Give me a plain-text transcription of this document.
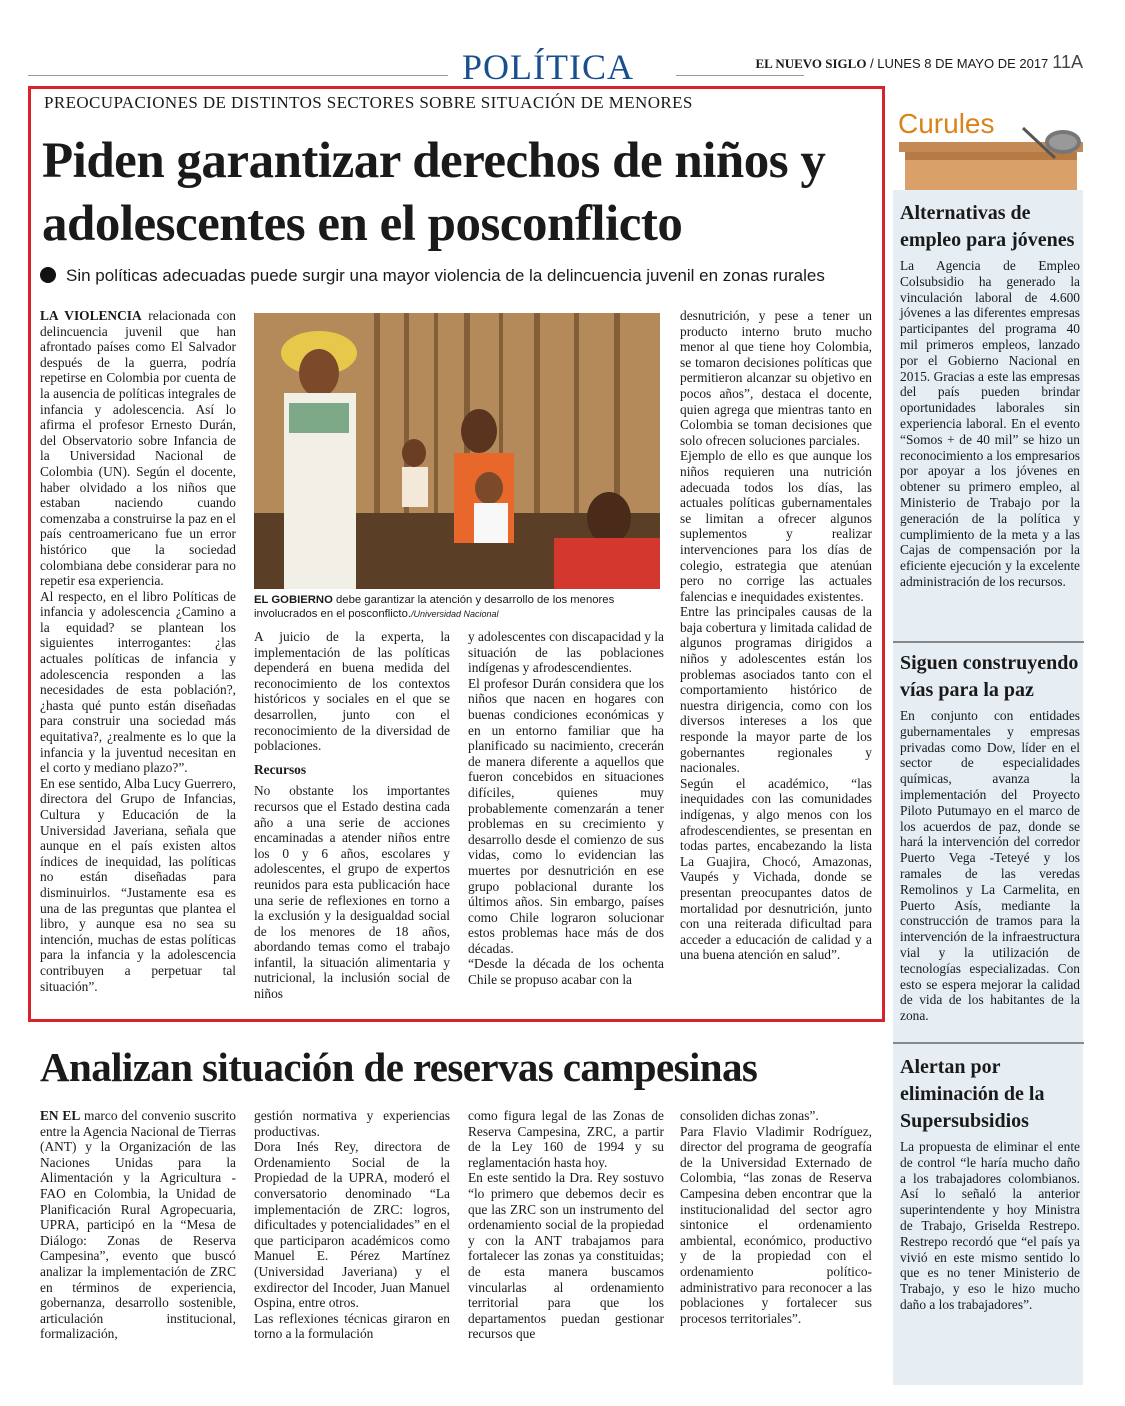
POLÍTICA	EL NUEVO SIGLO / LUNES 8 DE MAYO DE 2017 11A
PREOCUPACIONES DE DISTINTOS SECTORES SOBRE SITUACIÓN DE MENORES
Piden garantizar derechos de niños y adolescentes en el posconflicto
Sin políticas adecuadas puede surgir una mayor violencia de la delincuencia juvenil en zonas rurales
LA VIOLENCIA relacionada con delincuencia juvenil que han afrontado países como El Salvador después de la guerra, podría repetirse en Colombia por cuenta de la ausencia de políticas integrales de infancia y adolescencia. Así lo afirma el profesor Ernesto Durán, del Observatorio sobre Infancia de la Universidad Nacional de Colombia (UN). Según el docente, haber olvidado a los niños que estaban naciendo cuando comenzaba a construirse la paz en el país centroamericano fue un error histórico que la sociedad colombiana debe considerar para no repetir esa experiencia.
Al respecto, en el libro Políticas de infancia y adolescencia ¿Camino a la equidad? se plantean los siguientes interrogantes: ¿las actuales políticas de infancia y adolescencia responden a las necesidades de esta población?, ¿hasta qué punto están diseñadas para construir una sociedad más equitativa?, ¿realmente es lo que la infancia y la juventud necesitan en el corto y mediano plazo?”.
En ese sentido, Alba Lucy Guerrero, directora del Grupo de Infancias, Cultura y Educación de la Universidad Javeriana, señala que aunque en el país existen altos índices de inequidad, las políticas no están diseñadas para disminuirlos. “Justamente esa es una de las preguntas que plantea el libro, y aunque esa no sea su intención, muchas de estas políticas para la infancia y la adolescencia contribuyen a perpetuar tal situación”.
EL GOBIERNO debe garantizar la atención y desarrollo de los menores involucrados en el posconflicto./Universidad Nacional
A juicio de la experta, la implementación de las políticas dependerá en buena medida del reconocimiento de los contextos históricos y sociales en el que se desarrollen, junto con el reconocimiento de la diversidad de poblaciones.
Recursos
No obstante los importantes recursos que el Estado destina cada año a una serie de acciones encaminadas a atender niños entre los 0 y 6 años, escolares y adolescentes, el grupo de expertos reunidos para esta publicación hace una serie de reflexiones en torno a la exclusión y la desigualdad social de los menores de 18 años, abordando temas como el trabajo infantil, la situación alimentaria y nutricional, la inclusión social de niños
y adolescentes con discapacidad y la situación de las poblaciones indígenas y afrodescendientes.
El profesor Durán considera que los niños que nacen en hogares con buenas condiciones económicas y en un entorno familiar que ha planificado su nacimiento, crecerán de manera diferente a aquellos que fueron concebidos en situaciones difíciles, quienes muy probablemente comenzarán a tener problemas en su crecimiento y desarrollo desde el comienzo de sus vidas, como lo evidencian las muertes por desnutrición en ese grupo poblacional durante los últimos años. Sin embargo, países como Chile lograron solucionar estos problemas hace más de dos décadas.
“Desde la década de los ochenta Chile se propuso acabar con la
desnutrición, y pese a tener un producto interno bruto mucho menor al que tiene hoy Colombia, se tomaron decisiones políticas que permitieron alcanzar su objetivo en pocos años”, destaca el docente, quien agrega que mientras tanto en Colombia se toman decisiones que solo ofrecen soluciones parciales.
Ejemplo de ello es que aunque los niños requieren una nutrición adecuada todos los días, las actuales políticas gubernamentales se limitan a ofrecer algunos suplementos y realizar intervenciones para los días de colegio, estrategia que atenúan pero no corrige las actuales falencias e inequidades existentes.
Entre las principales causas de la baja cobertura y limitada calidad de algunos programas dirigidos a niños y adolescentes están los problemas asociados tanto con el comportamiento histórico de nuestra dirigencia, como con los diversos intereses a los que responde la mayor parte de los gobernantes regionales y nacionales.
Según el académico, “las inequidades con las comunidades indígenas, y algo menos con los afrodescendientes, se presentan en todas partes, encabezando la lista La Guajira, Chocó, Amazonas, Vaupés y Vichada, donde se presentan preocupantes datos de mortalidad por desnutrición, junto con una reiterada dificultad para acceder a educación de calidad y a una buena atención en salud”.
Analizan situación de reservas campesinas
EN EL marco del convenio suscrito entre la Agencia Nacional de Tierras (ANT) y la Organización de las Naciones Unidas para la Alimentación y la Agricultura - FAO en Colombia, la Unidad de Planificación Rural Agropecuaria, UPRA, participó en la “Mesa de Diálogo: Zonas de Reserva Campesina”, evento que buscó analizar la implementación de ZRC en términos de experiencia, gobernanza, desarrollo sostenible, articulación institucional, formalización,
gestión normativa y experiencias productivas.
Dora Inés Rey, directora de Ordenamiento Social de la Propiedad de la UPRA, moderó el conversatorio denominado “La implementación de ZRC: logros, dificultades y potencialidades” en el que participaron académicos como Manuel E. Pérez Martínez (Universidad Javeriana) y el exdirector del Incoder, Juan Manuel Ospina, entre otros.
Las reflexiones técnicas giraron en torno a la formulación
como figura legal de las Zonas de Reserva Campesina, ZRC, a partir de la Ley 160 de 1994 y su reglamentación hasta hoy.
En este sentido la Dra. Rey sostuvo “lo primero que debemos decir es que las ZRC son un instrumento del ordenamiento social de la propiedad y con la ANT trabajamos para fortalecer las zonas ya constituidas; de esta manera buscamos vincularlas al ordenamiento territorial para que los departamentos puedan gestionar recursos que
consoliden dichas zonas”.
Para Flavio Vladimir Rodríguez, director del programa de geografía de la Universidad Externado de Colombia, “las zonas de Reserva Campesina deben encontrar que la institucionalidad del sector agro sintonice el ordenamiento ambiental, económico, productivo y de la propiedad con el ordenamiento político-administrativo para reconocer a las poblaciones y fortalecer sus procesos territoriales”.
Curules
Alternativas de empleo para jóvenes
La Agencia de Empleo Colsubsidio ha generado la vinculación laboral de 4.600 jóvenes a las diferentes empresas participantes del programa 40 mil primeros empleos, lanzado por el Gobierno Nacional en 2015. Gracias a este las empresas del país pueden brindar oportunidades laborales sin experiencia laboral. En el evento “Somos + de 40 mil” se hizo un reconocimiento a los empresarios por apoyar a los jóvenes en obtener su primero empleo, al Ministerio de Trabajo por la generación de la política y cumplimiento de la meta y a las Cajas de compensación por la eficiente ejecución y la excelente administración de los recursos.
Siguen construyendo vías para la paz
En conjunto con entidades gubernamentales y empresas privadas como Dow, líder en el sector de especialidades químicas, avanza la implementación del Proyecto Piloto Putumayo en el marco de los acuerdos de paz, donde se hará la intervención del corredor Puerto Vega -Teteyé y los ramales de las veredas Remolinos y La Carmelita, en Puerto Asís, mediante la construcción de tramos para la intervención de la infraestructura vial y la utilización de tecnologías especializadas. Con esto se espera mejorar la calidad de vida de los habitantes de la zona.
Alertan por eliminación de la Supersubsidios
La propuesta de eliminar el ente de control “le haría mucho daño a los trabajadores colombianos. Así lo señaló la anterior superintendente y hoy Ministra de Trabajo, Griselda Restrepo. Restrepo recordó que “el país ya vivió en este mismo sentido lo que es no tener Ministerio de Trabajo, y eso le hizo mucho daño a los trabajadores”.
